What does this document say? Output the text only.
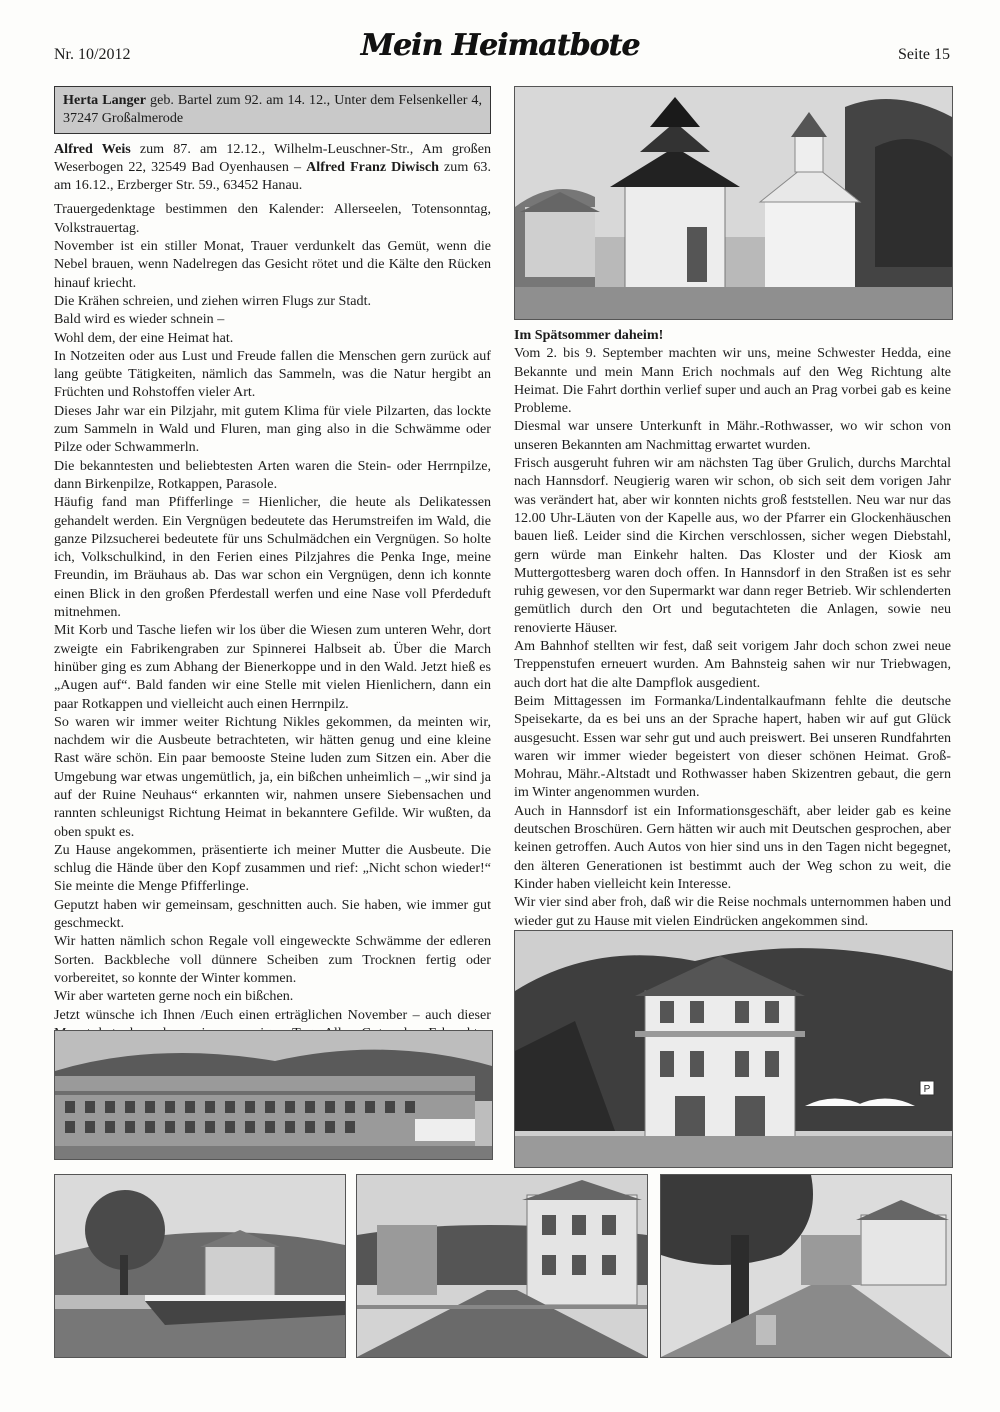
Nr. 10/2012	Mein Heimatbote	Seite 15
Herta Langer geb. Bartel zum 92. am 14. 12., Unter dem Felsenkeller 4, 37247 Großalmerode

Alfred Weis zum 87. am 12.12., Wilhelm-Leuschner-Str., Am großen Weserbogen 22, 32549 Bad Oyenhausen – Alfred Franz Diwisch zum 63. am 16.12., Erzberger Str. 59., 63452 Hanau.

Trauergedenktage bestimmen den Kalender: Allerseelen, Totensonntag, Volkstrauertag.

November ist ein stiller Monat, Trauer verdunkelt das Gemüt, wenn die Nebel brauen, wenn Nadelregen das Gesicht rötet und die Kälte den Rücken hinauf kriecht.

Die Krähen schreien, und ziehen wirren Flugs zur Stadt.

Bald wird es wieder schnein –

Wohl dem, der eine Heimat hat.

In Notzeiten oder aus Lust und Freude fallen die Menschen gern zurück auf lang geübte Tätigkeiten, nämlich das Sammeln, was die Natur hergibt an Früchten und Rohstoffen vieler Art.

Dieses Jahr war ein Pilzjahr, mit gutem Klima für viele Pilzarten, das lockte zum Sammeln in Wald und Fluren, man ging also in die Schwämme oder Pilze oder Schwammerln.

Die bekanntesten und beliebtesten Arten waren die Stein- oder Herrnpilze, dann Birkenpilze, Rotkappen, Parasole.

Häufig fand man Pfifferlinge = Hienlicher, die heute als Delikatessen gehandelt werden. Ein Vergnügen bedeutete das Herumstreifen im Wald, die ganze Pilzsucherei bedeutete für uns Schulmädchen ein Vergnügen. So holte ich, Volkschulkind, in den Ferien eines Pilzjahres die Penka Inge, meine Freundin, im Bräuhaus ab. Das war schon ein Vergnügen, denn ich konnte einen Blick in den großen Pferdestall werfen und eine Nase voll Pferdeduft mitnehmen.

Mit Korb und Tasche liefen wir los über die Wiesen zum unteren Wehr, dort zweigte ein Fabrikengraben zur Spinnerei Halbseit ab. Über die March hinüber ging es zum Abhang der Bienerkoppe und in den Wald. Jetzt hieß es „Augen auf“. Bald fanden wir eine Stelle mit vielen Hienlichern, dann ein paar Rotkappen und vielleicht auch einen Herrnpilz.

So waren wir immer weiter Richtung Nikles gekommen, da meinten wir, nachdem wir die Ausbeute betrachteten, wir hätten genug und eine kleine Rast wäre schön. Ein paar bemooste Steine luden zum Sitzen ein. Aber die Umgebung war etwas ungemütlich, ja, ein bißchen unheimlich – „wir sind ja auf der Ruine Neuhaus“ erkannten wir, nahmen unsere Siebensachen und rannten schleunigst Richtung Heimat in bekanntere Gefilde. Wir wußten, da oben spukt es.

Zu Hause angekommen, präsentierte ich meiner Mutter die Ausbeute. Die schlug die Hände über den Kopf zusammen und rief: „Nicht schon wieder!“ Sie meinte die Menge Pfifferlinge.

Geputzt haben wir gemeinsam, geschnitten auch. Sie haben, wie immer gut geschmeckt.

Wir hatten nämlich schon Regale voll eingeweckte Schwämme der edleren Sorten. Backbleche voll dünnere Scheiben zum Trocknen fertig oder vorbereitet, so konnte der Winter kommen.

Wir aber warteten gerne noch ein bißchen.

Jetzt wünsche ich Ihnen /Euch einen erträglichen November – auch dieser

Im Spätsommer daheim!

Vom 2. bis 9. September machten wir uns, meine Schwester Hedda, eine Bekannte und mein Mann Erich nochmals auf den Weg Richtung alte Heimat. Die Fahrt dorthin verlief super und auch an Prag vorbei gab es keine Probleme.

Diesmal war unsere Unterkunft in Mähr.-Rothwasser, wo wir schon von unseren Bekannten am Nachmittag erwartet wurden.

Frisch ausgeruht fuhren wir am nächsten Tag über Grulich, durchs Marchtal nach Hannsdorf. Neugierig waren wir schon, ob sich seit dem vorigen Jahr was verändert hat, aber wir konnten nichts groß feststellen. Neu war nur das 12.00 Uhr-Läuten von der Kapelle aus, wo der Pfarrer ein Glockenhäuschen bauen ließ. Leider sind die Kirchen verschlossen, sicher wegen Diebstahl, gern würde man Einkehr halten. Das Kloster und der Kiosk am Muttergottesberg waren doch offen. In Hannsdorf in den Straßen ist es sehr ruhig gewesen, vor den Supermarkt war dann reger Betrieb. Wir schlenderten gemütlich durch den Ort und begutachteten die Anlagen, sowie neu renovierte Häuser.

Am Bahnhof stellten wir fest, daß seit vorigem Jahr doch schon zwei neue Treppenstufen erneuert wurden. Am Bahnsteig sahen wir nur Triebwagen, auch dort hat die alte Dampflok ausgedient.

Beim Mittagessen im Formanka/Lindentalkaufmann fehlte die deutsche Speisekarte, da es bei uns an der Sprache hapert, haben wir auf gut Glück ausgesucht. Essen war sehr gut und auch preiswert. Bei unseren Rundfahrten waren wir immer wieder begeistert von dieser schönen Heimat. Groß-Mohrau, Mähr.-Altstadt und Rothwasser haben Skizentren gebaut, die gern im Winter angenommen wurden.

Auch in Hannsdorf ist ein Informationsgeschäft, aber leider gab es keine deutschen Broschüren. Gern hätten wir auch mit Deutschen gesprochen, aber keinen getroffen. Auch Autos von hier sind uns in den Tagen nicht begegnet, den älteren Generationen ist bestimmt auch der Weg schon zu weit, die Kinder haben vielleicht kein Interesse.

Wir vier sind aber froh, daß wir die Reise nochmals unternommen haben und wieder gut zu Hause mit vielen Eindrücken angekommen sind.

P
